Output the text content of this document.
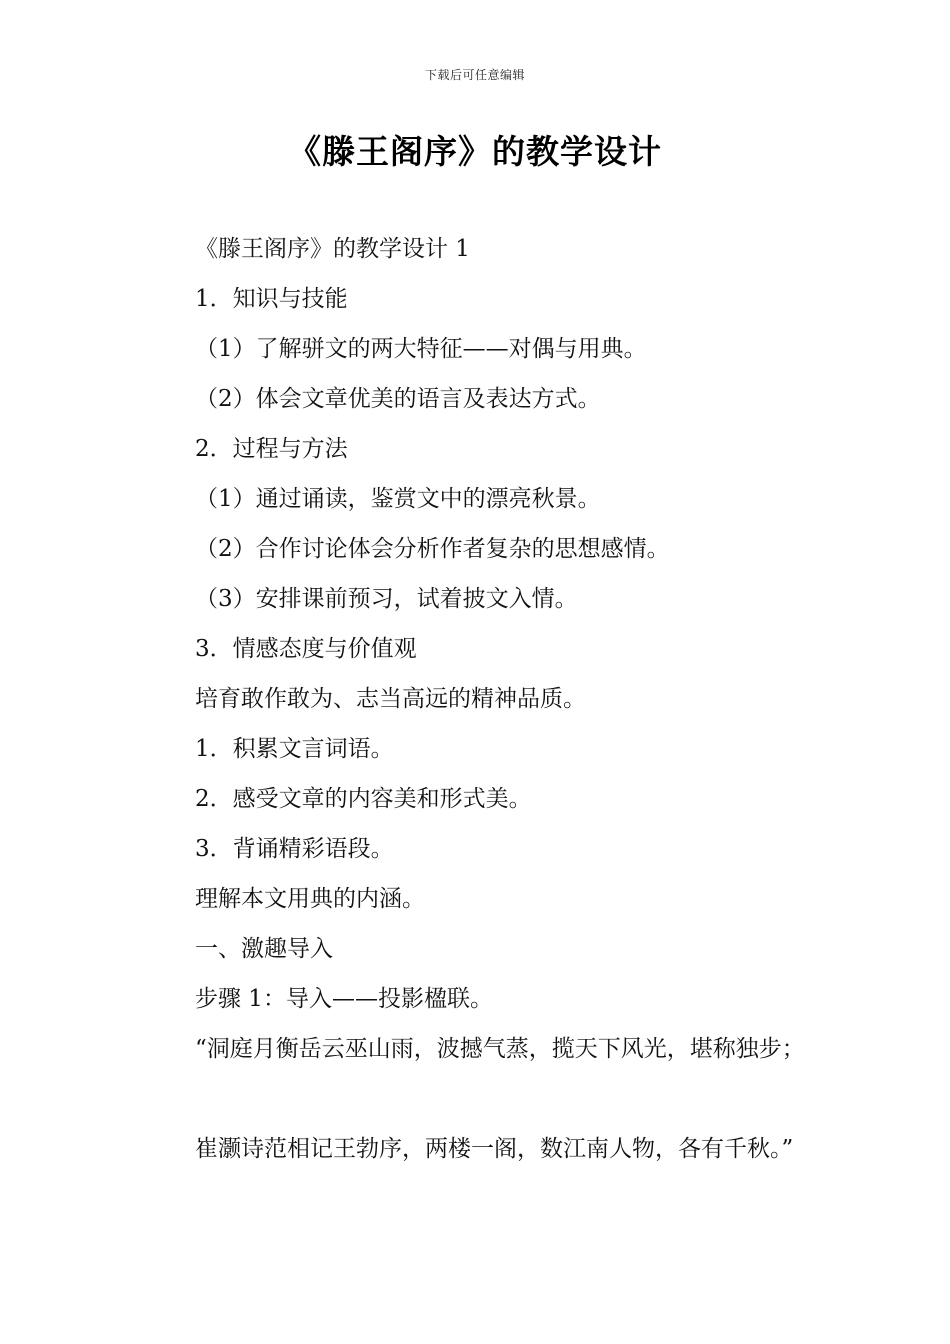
下载后可任意编辑
《滕王阁序》的教学设计
《滕王阁序》的教学设计 1
1．知识与技能
（1）了解骈文的两大特征——对偶与用典。
（2）体会文章优美的语言及表达方式。
2．过程与方法
（1）通过诵读，鉴赏文中的漂亮秋景。
（2）合作讨论体会分析作者复杂的思想感情。
（3）安排课前预习，试着披文入情。
3．情感态度与价值观
培育敢作敢为、志当高远的精神品质。
1．积累文言词语。
2．感受文章的内容美和形式美。
3．背诵精彩语段。
理解本文用典的内涵。
一、激趣导入
步骤 1：导入——投影楹联。
“洞庭月衡岳云巫山雨，波撼气蒸，揽天下风光，堪称独步；
崔灏诗范相记王勃序，两楼一阁，数江南人物，各有千秋。”
